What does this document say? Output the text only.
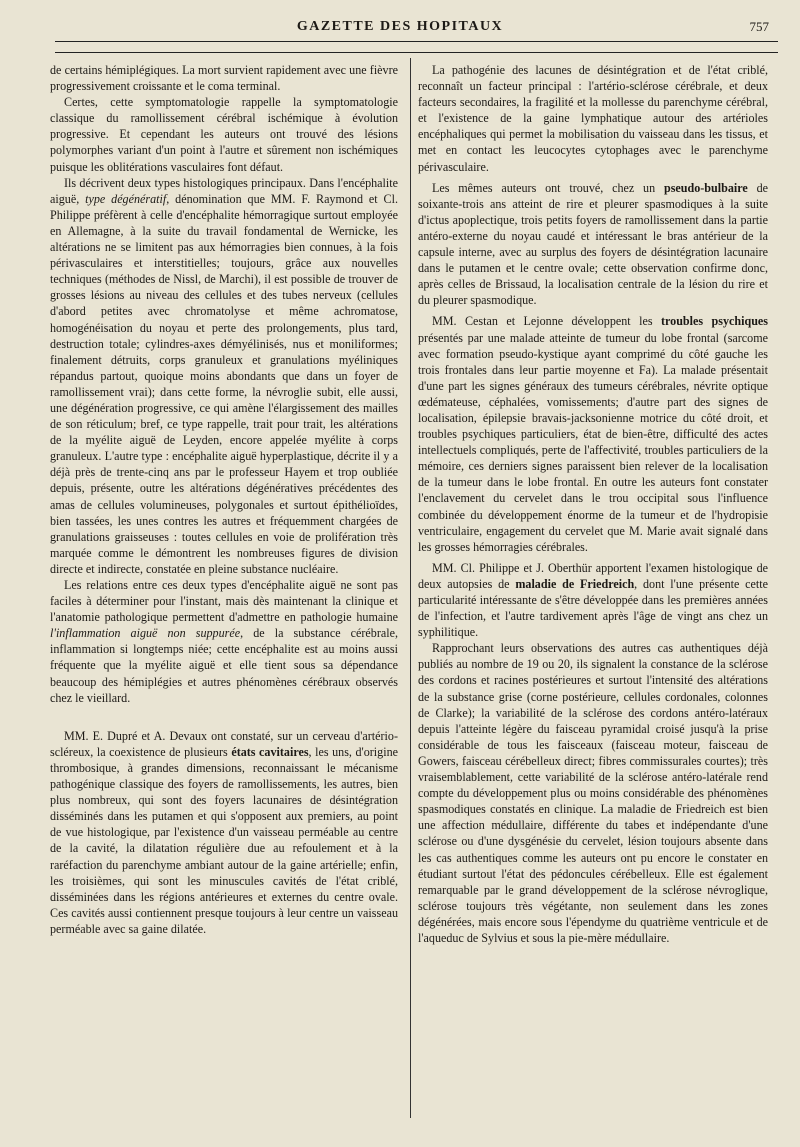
GAZETTE DES HOPITAUX	757

de certains hémiplégiques. La mort survient rapidement avec une fièvre progressivement croissante et le coma terminal.

Certes, cette symptomatologie rappelle la symptomatologie classique du ramollissement cérébral ischémique à évolution progressive. Et cependant les auteurs ont trouvé des lésions polymorphes variant d'un point à l'autre et sûrement non ischémiques puisque les oblitérations vasculaires font défaut.

Ils décrivent deux types histologiques principaux. Dans l'encéphalite aiguë, type dégénératif, dénomination que MM. F. Raymond et Cl. Philippe préfèrent à celle d'encéphalite hémorragique surtout employée en Allemagne, à la suite du travail fondamental de Wernicke, les altérations ne se limitent pas aux hémorragies bien connues, à la fois périvasculaires et interstitielles; toujours, grâce aux nouvelles techniques (méthodes de Nissl, de Marchi), il est possible de trouver de grosses lésions au niveau des cellules et des tubes nerveux (cellules d'abord petites avec chromatolyse et même achromatose, homogénéisation du noyau et perte des prolongements, plus tard, destruction totale; cylindres-axes démyélinisés, nus et moniliformes; finalement détruits, corps granuleux et granulations myéliniques répandus partout, quoique moins abondants que dans un foyer de ramollissement vrai); dans cette forme, la névroglie subit, elle aussi, une dégénération progressive, ce qui amène l'élargissement des mailles de son réticulum; bref, ce type rappelle, trait pour trait, les altérations de la myélite aiguë de Leyden, encore appelée myélite à corps granuleux. L'autre type : encéphalite aiguë hyperplastique, décrite il y a déjà près de trente-cinq ans par le professeur Hayem et trop oubliée depuis, présente, outre les altérations dégénératives précédentes des amas de cellules volumineuses, polygonales et surtout épithélioïdes, bien tassées, les unes contres les autres et fréquemment chargées de granulations graisseuses : toutes cellules en voie de prolifération très marquée comme le démontrent les nombreuses figures de division directe et indirecte, constatée en pleine substance nucléaire.

Les relations entre ces deux types d'encéphalite aiguë ne sont pas faciles à déterminer pour l'instant, mais dès maintenant la clinique et l'anatomie pathologique permettent d'admettre en pathologie humaine l'inflammation aiguë non suppurée, de la substance cérébrale, inflammation si longtemps niée; cette encéphalite est au moins aussi fréquente que la myélite aiguë et elle tient sous sa dépendance beaucoup des hémiplégies et autres phénomènes cérébraux observés chez le vieillard.

MM. E. Dupré et A. Devaux ont constaté, sur un cerveau d'artério-scléreux, la coexistence de plusieurs états cavitaires, les uns, d'origine thrombosique, à grandes dimensions, reconnaissant le mécanisme pathogénique classique des foyers de ramollissements, les autres, bien plus nombreux, qui sont des foyers lacunaires de désintégration disséminés dans les putamen et qui s'opposent aux premiers, au point de vue histologique, par l'existence d'un vaisseau perméable au centre de la cavité, la dilatation régulière due au refoulement et à la raréfaction du parenchyme ambiant autour de la gaine artérielle; enfin, les troisièmes, qui sont les minuscules cavités de l'état criblé, disséminées dans les régions antérieures et externes du centre ovale. Ces cavités aussi contiennent presque toujours à leur centre un vaisseau perméable avec sa gaine dilatée.

La pathogénie des lacunes de désintégration et de l'état criblé, reconnaît un facteur principal : l'artério-sclérose cérébrale, et deux facteurs secondaires, la fragilité et la mollesse du parenchyme cérébral, et l'existence de la gaine lymphatique autour des artérioles encéphaliques qui permet la mobilisation du vaisseau dans les tissus, et met en contact les leucocytes cytophages avec le parenchyme périvasculaire.

Les mêmes auteurs ont trouvé, chez un pseudo-bulbaire de soixante-trois ans atteint de rire et pleurer spasmodiques à la suite d'ictus apoplectique, trois petits foyers de ramollissement dans la partie antéro-externe du noyau caudé et intéressant le bras antérieur de la capsule interne, avec au surplus des foyers de désintégration lacunaire dans le putamen et le centre ovale; cette observation confirme donc, après celles de Brissaud, la localisation centrale de la lésion du rire et du pleurer spasmodique.

MM. Cestan et Lejonne développent les troubles psychiques présentés par une malade atteinte de tumeur du lobe frontal (sarcome avec formation pseudo-kystique ayant comprimé du côté gauche les trois frontales dans leur partie moyenne et Fa). La malade présentait d'une part les signes généraux des tumeurs cérébrales, névrite optique œdémateuse, céphalées, vomissements; d'autre part des signes de localisation, épilepsie bravais-jacksonienne motrice du côté droit, et troubles psychiques particuliers, état de bien-être, difficulté des actes intellectuels compliqués, perte de l'affectivité, troubles particuliers de la mémoire, ces derniers signes paraissent bien relever de la localisation de la tumeur dans le lobe frontal. En outre les auteurs font constater l'enclavement du cervelet dans le trou occipital sous l'influence combinée du développement énorme de la tumeur et de l'hydropisie ventriculaire, engagement du cervelet que M. Marie avait signalé dans les grosses hémorragies cérébrales.

MM. Cl. Philippe et J. Oberthür apportent l'examen histologique de deux autopsies de maladie de Friedreich, dont l'une présente cette particularité intéressante de s'être développée dans les premières années de l'infection, et l'autre tardivement après l'âge de vingt ans chez un syphilitique.

Rapprochant leurs observations des autres cas authentiques déjà publiés au nombre de 19 ou 20, ils signalent la constance de la sclérose des cordons et racines postérieures et surtout l'intensité des altérations de la substance grise (corne postérieure, cellules cordonales, colonnes de Clarke); la variabilité de la sclérose des cordons antéro-latéraux depuis l'atteinte légère du faisceau pyramidal croisé jusqu'à la prise considérable de tous les faisceaux (faisceau moteur, faisceau de Gowers, faisceau cérébelleux direct; fibres commissurales courtes); très vraisemblablement, cette variabilité de la sclérose antéro-latérale rend compte du développement plus ou moins considérable des phénomènes spasmodiques constatés en clinique. La maladie de Friedreich est bien une affection médullaire, différente du tabes et indépendante d'une sclérose ou d'une dysgénésie du cervelet, lésion toujours absente dans les cas authentiques comme les auteurs ont pu encore le constater en étudiant surtout l'état des pédoncules cérébelleux. Elle est également remarquable par le grand développement de la sclérose névroglique, sclérose toujours très végétante, non seulement dans les zones dégénérées, mais encore sous l'épendyme du quatrième ventricule et de l'aqueduc de Sylvius et sous la pie-mère médullaire.
